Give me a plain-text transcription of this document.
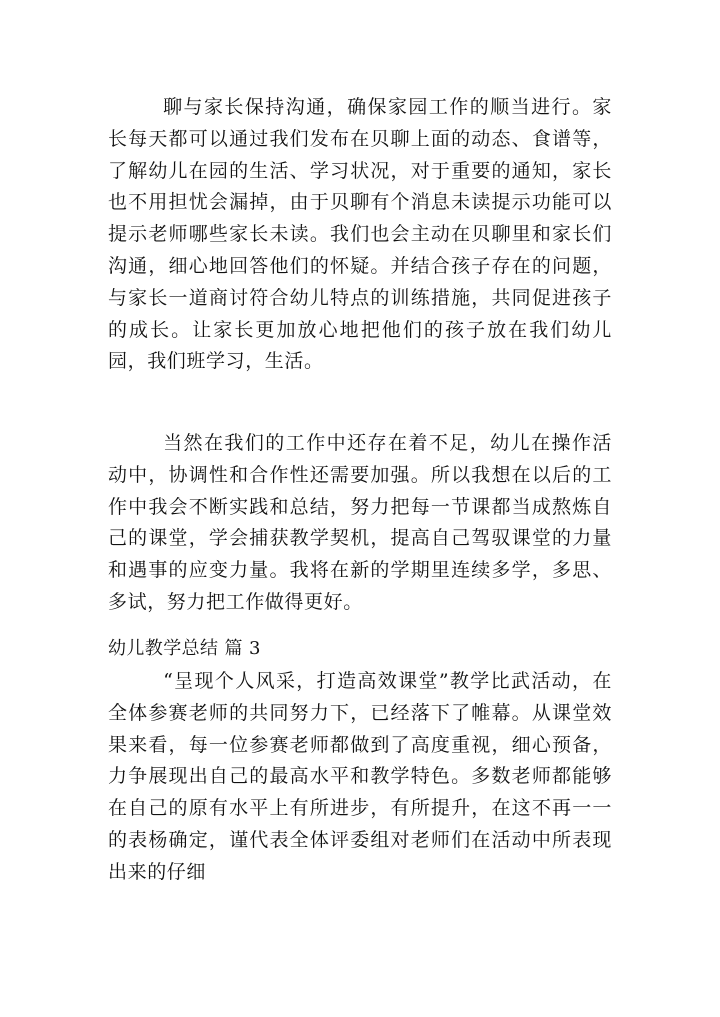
聊与家长保持沟通，确保家园工作的顺当进行。家长每天都可以通过我们发布在贝聊上面的动态、食谱等，了解幼儿在园的生活、学习状况，对于重要的通知，家长也不用担忧会漏掉，由于贝聊有个消息未读提示功能可以提示老师哪些家长未读。我们也会主动在贝聊里和家长们沟通，细心地回答他们的怀疑。并结合孩子存在的问题，与家长一道商讨符合幼儿特点的训练措施，共同促进孩子的成长。让家长更加放心地把他们的孩子放在我们幼儿园，我们班学习，生活。

当然在我们的工作中还存在着不足，幼儿在操作活动中，协调性和合作性还需要加强。所以我想在以后的工作中我会不断实践和总结，努力把每一节课都当成熬炼自己的课堂，学会捕获教学契机，提高自己驾驭课堂的力量和遇事的应变力量。我将在新的学期里连续多学，多思、多试，努力把工作做得更好。

幼儿教学总结 篇 3

“呈现个人风采，打造高效课堂”教学比武活动，在全体参赛老师的共同努力下，已经落下了帷幕。从课堂效果来看，每一位参赛老师都做到了高度重视，细心预备，力争展现出自己的最高水平和教学特色。多数老师都能够在自己的原有水平上有所进步，有所提升，在这不再一一的表杨确定，谨代表全体评委组对老师们在活动中所表现出来的仔细
